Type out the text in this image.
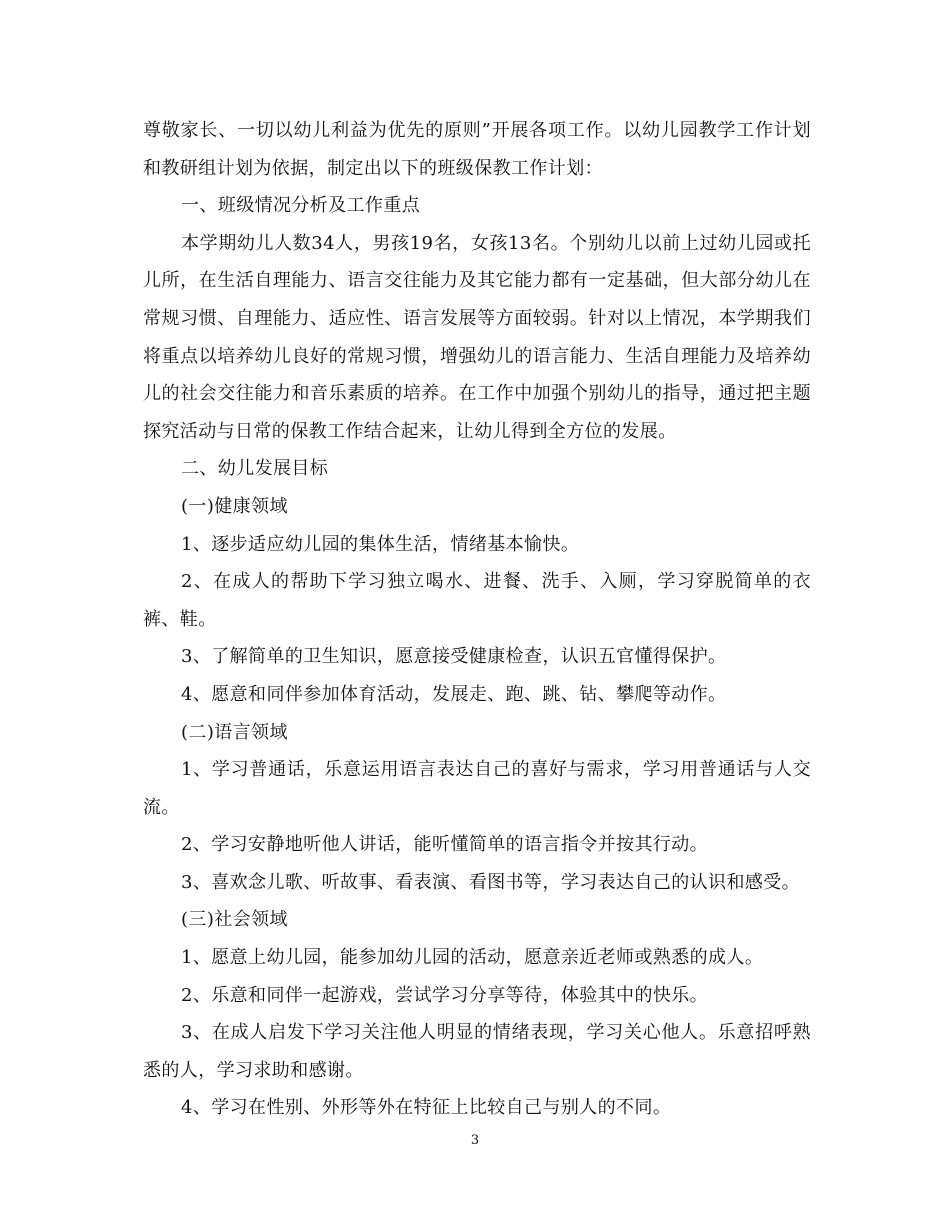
尊敬家长、一切以幼儿利益为优先的原则”开展各项工作。以幼儿园教学工作计划和教研组计划为依据，制定出以下的班级保教工作计划：

一、班级情况分析及工作重点

本学期幼儿人数34人，男孩19名，女孩13名。个别幼儿以前上过幼儿园或托儿所，在生活自理能力、语言交往能力及其它能力都有一定基础，但大部分幼儿在常规习惯、自理能力、适应性、语言发展等方面较弱。针对以上情况，本学期我们将重点以培养幼儿良好的常规习惯，增强幼儿的语言能力、生活自理能力及培养幼儿的社会交往能力和音乐素质的培养。在工作中加强个别幼儿的指导，通过把主题探究活动与日常的保教工作结合起来，让幼儿得到全方位的发展。

二、幼儿发展目标

(一)健康领域

1、逐步适应幼儿园的集体生活，情绪基本愉快。

2、在成人的帮助下学习独立喝水、进餐、洗手、入厕，学习穿脱简单的衣裤、鞋。

3、了解简单的卫生知识，愿意接受健康检查，认识五官懂得保护。

4、愿意和同伴参加体育活动，发展走、跑、跳、钻、攀爬等动作。

(二)语言领域

1、学习普通话，乐意运用语言表达自己的喜好与需求，学习用普通话与人交流。

2、学习安静地听他人讲话，能听懂简单的语言指令并按其行动。

3、喜欢念儿歌、听故事、看表演、看图书等，学习表达自己的认识和感受。

(三)社会领域

1、愿意上幼儿园，能参加幼儿园的活动，愿意亲近老师或熟悉的成人。

2、乐意和同伴一起游戏，尝试学习分享等待，体验其中的快乐。

3、在成人启发下学习关注他人明显的情绪表现，学习关心他人。乐意招呼熟悉的人，学习求助和感谢。

4、学习在性别、外形等外在特征上比较自己与别人的不同。

3
